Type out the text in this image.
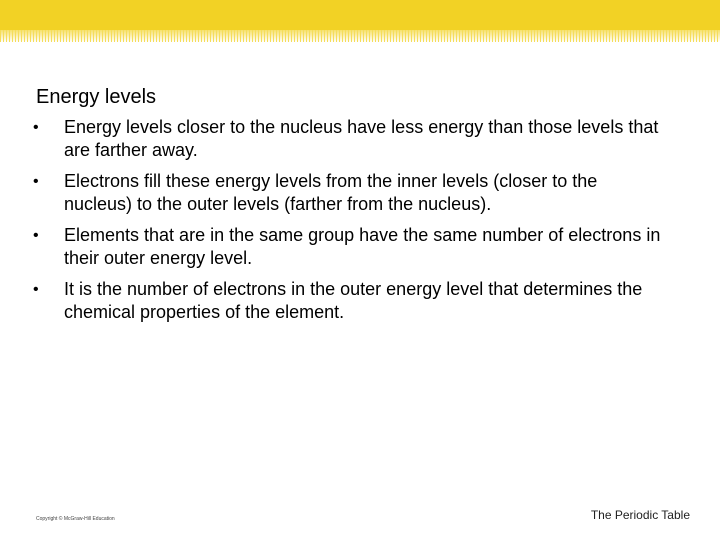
Energy levels
• Energy levels closer to the nucleus have less energy than those levels that are farther away.
• Electrons fill these energy levels from the inner levels (closer to the nucleus) to the outer levels (farther from the nucleus).
• Elements that are in the same group have the same number of electrons in their outer energy level.
• It is the number of electrons in the outer energy level that determines the chemical properties of the element.
Copyright © McGraw-Hill Education	The Periodic Table
